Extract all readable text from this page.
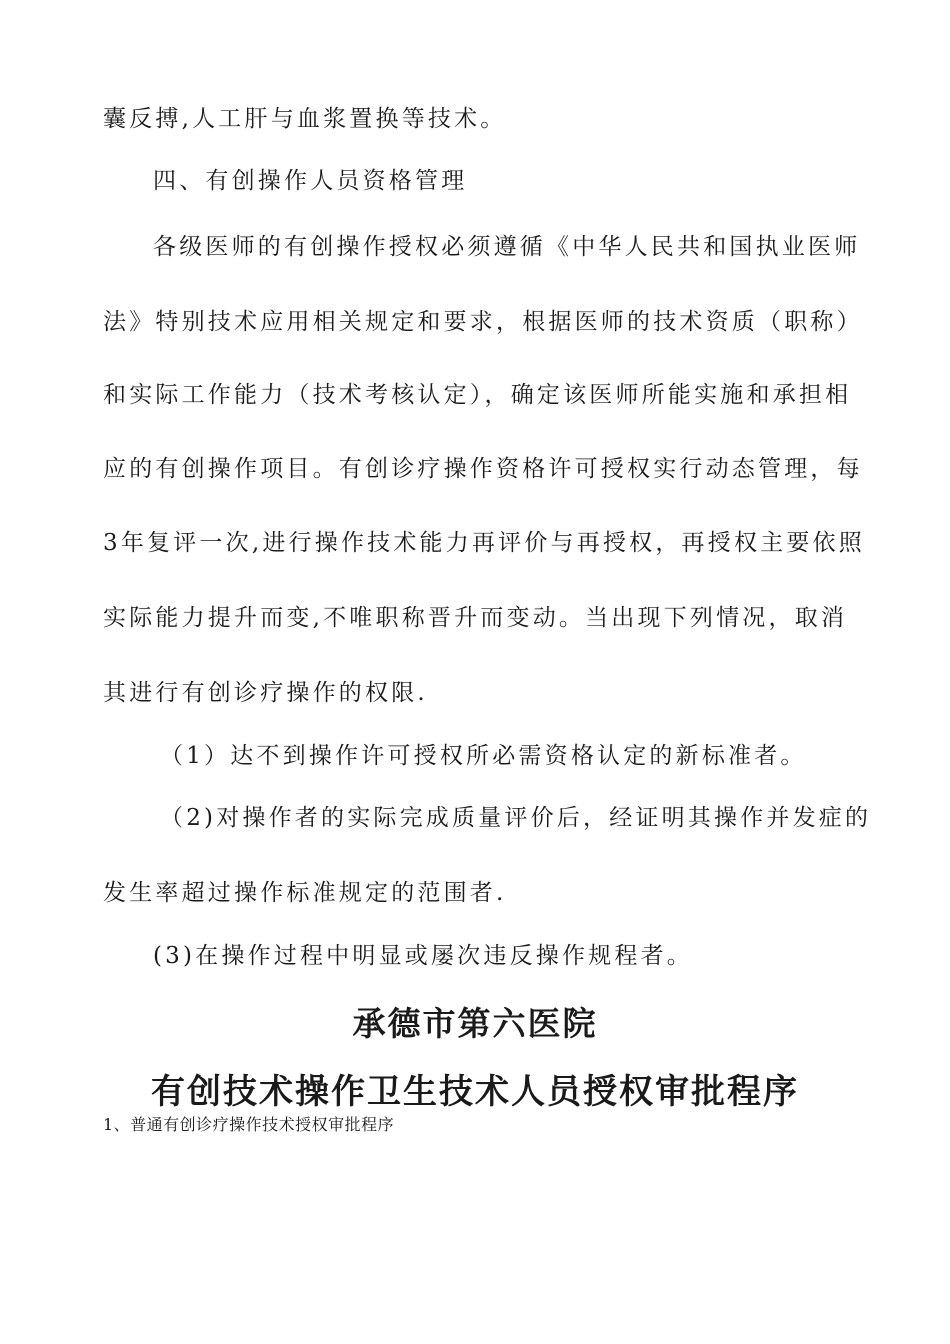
囊反搏,人工肝与血浆置换等技术。
四、有创操作人员资格管理
各级医师的有创操作授权必须遵循《中华人民共和国执业医师
法》特别技术应用相关规定和要求，根据医师的技术资质（职称）
和实际工作能力（技术考核认定），确定该医师所能实施和承担相
应的有创操作项目。有创诊疗操作资格许可授权实行动态管理，每
3年复评一次,进行操作技术能力再评价与再授权，再授权主要依照
实际能力提升而变,不唯职称晋升而变动。当出现下列情况，取消
其进行有创诊疗操作的权限.
（1）达不到操作许可授权所必需资格认定的新标准者。
（2)对操作者的实际完成质量评价后，经证明其操作并发症的
发生率超过操作标准规定的范围者.
(3)在操作过程中明显或屡次违反操作规程者。
承德市第六医院
有创技术操作卫生技术人员授权审批程序
1、普通有创诊疗操作技术授权审批程序
